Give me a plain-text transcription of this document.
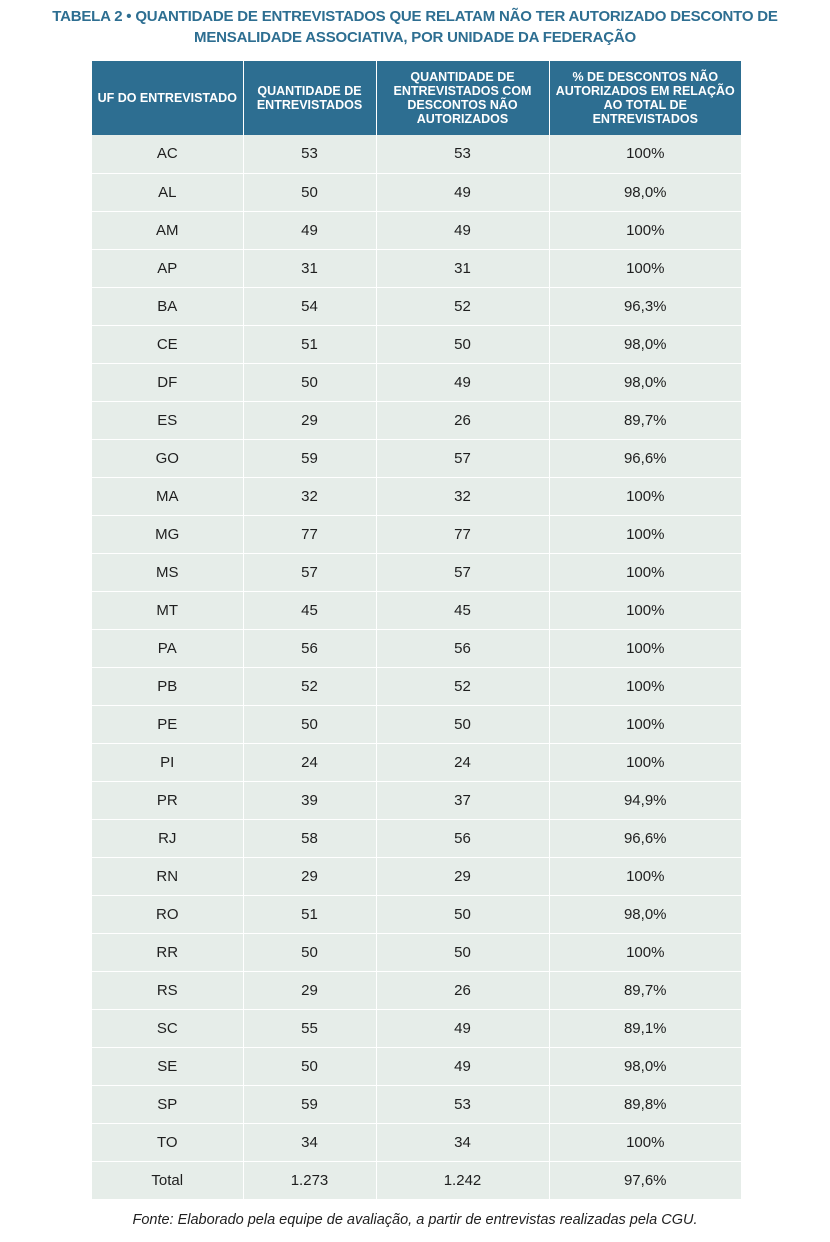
TABELA 2 • QUANTIDADE DE ENTREVISTADOS QUE RELATAM NÃO TER AUTORIZADO DESCONTO DE
MENSALIDADE ASSOCIATIVA, POR UNIDADE DA FEDERAÇÃO
UF DO ENTREVISTADO	QUANTIDADE DE ENTREVISTADOS	QUANTIDADE DE ENTREVISTADOS COM DESCONTOS NÃO AUTORIZADOS	% DE DESCONTOS NÃO AUTORIZADOS EM RELAÇÃO AO TOTAL DE ENTREVISTADOS
AC	53	53	100%
AL	50	49	98,0%
AM	49	49	100%
AP	31	31	100%
BA	54	52	96,3%
CE	51	50	98,0%
DF	50	49	98,0%
ES	29	26	89,7%
GO	59	57	96,6%
MA	32	32	100%
MG	77	77	100%
MS	57	57	100%
MT	45	45	100%
PA	56	56	100%
PB	52	52	100%
PE	50	50	100%
PI	24	24	100%
PR	39	37	94,9%
RJ	58	56	96,6%
RN	29	29	100%
RO	51	50	98,0%
RR	50	50	100%
RS	29	26	89,7%
SC	55	49	89,1%
SE	50	49	98,0%
SP	59	53	89,8%
TO	34	34	100%
Total	1.273	1.242	97,6%
Fonte: Elaborado pela equipe de avaliação, a partir de entrevistas realizadas pela CGU.
